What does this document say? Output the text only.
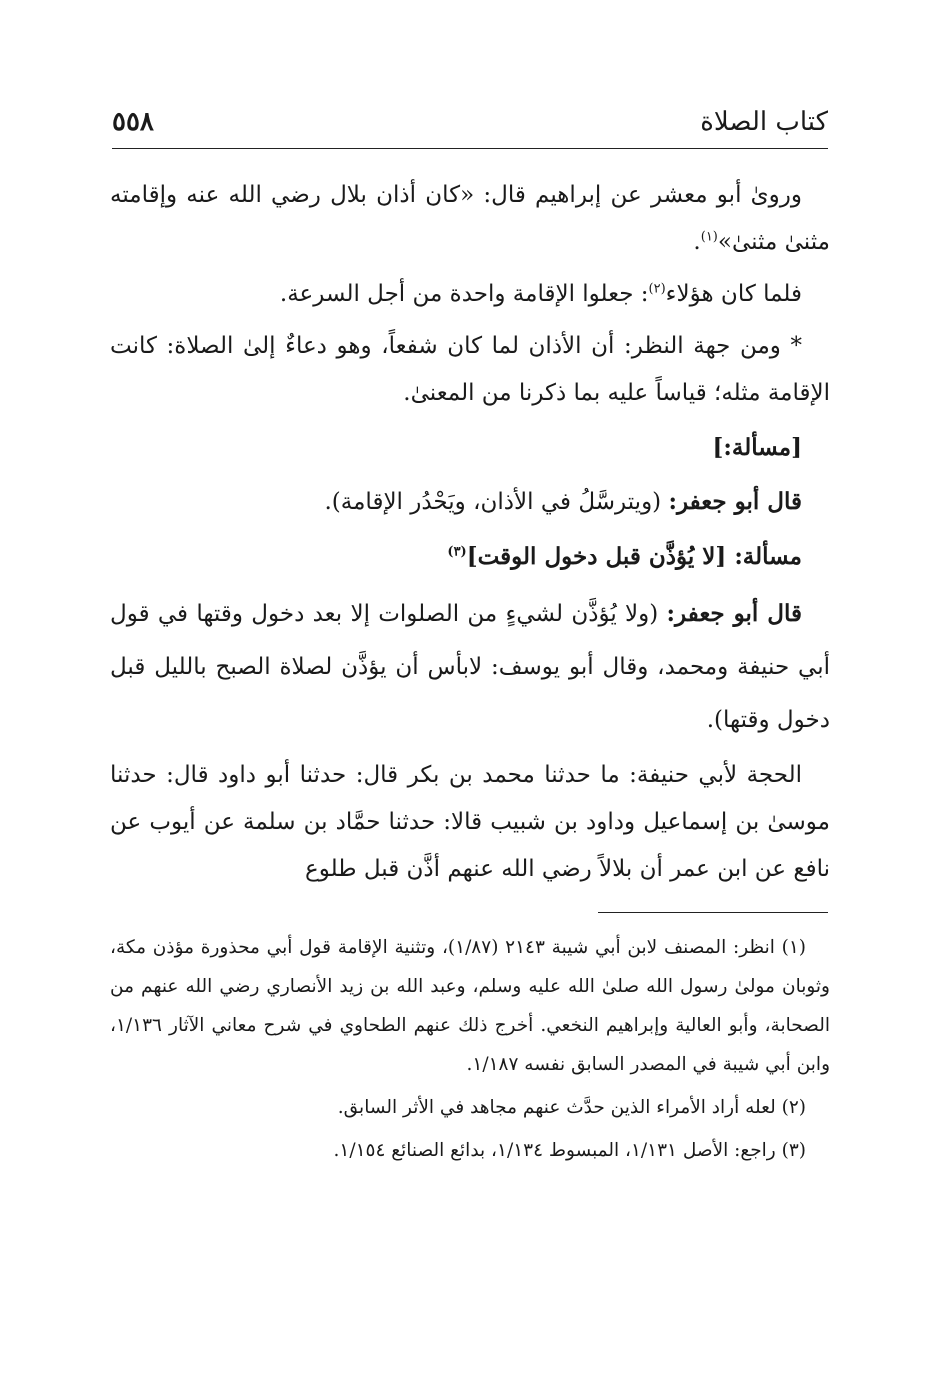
كتاب الصلاة
٥٥٨

وروىٰ أبو معشر عن إبراهيم قال: «كان أذان بلال رضي الله عنه وإقامته مثنىٰ مثنىٰ»$^{(١)}$.

فلما كان هؤلاء$^{(٢)}$: جعلوا الإقامة واحدة من أجل السرعة.

* ومن جهة النظر: أن الأذان لما كان شفعاً، وهو دعاءٌ إلىٰ الصلاة: كانت الإقامة مثله؛ قياساً عليه بما ذكرنا من المعنىٰ.

[مسألة:]

قال أبو جعفر: (ويترسَّلُ في الأذان، ويَحْدُر الإقامة).

مسألة: [لا يُؤذَّن قبل دخول الوقت]$^{(٣)}$

قال أبو جعفر: (ولا يُؤذَّن لشيءٍ من الصلوات إلا بعد دخول وقتها في قول أبي حنيفة ومحمد، وقال أبو يوسف: لابأس أن يؤذَّن لصلاة الصبح بالليل قبل دخول وقتها).

الحجة لأبي حنيفة: ما حدثنا محمد بن بكر قال: حدثنا أبو داود قال: حدثنا موسىٰ بن إسماعيل وداود بن شبيب قالا: حدثنا حمَّاد بن سلمة عن أيوب عن نافع عن ابن عمر أن بلالاً رضي الله عنهم أذَّن قبل طلوع

(١) انظر: المصنف لابن أبي شيبة ٢١٤٣ (١/٨٧)، وتثنية الإقامة قول أبي محذورة مؤذن مكة، وثوبان مولىٰ رسول الله صلىٰ الله عليه وسلم، وعبد الله بن زيد الأنصاري رضي الله عنهم من الصحابة، وأبو العالية وإبراهيم النخعي. أخرج ذلك عنهم الطحاوي في شرح معاني الآثار ١/١٣٦، وابن أبي شيبة في المصدر السابق نفسه ١/١٨٧.

(٢) لعله أراد الأمراء الذين حدَّث عنهم مجاهد في الأثر السابق.

(٣) راجع: الأصل ١/١٣١، المبسوط ١/١٣٤، بدائع الصنائع ١/١٥٤.
